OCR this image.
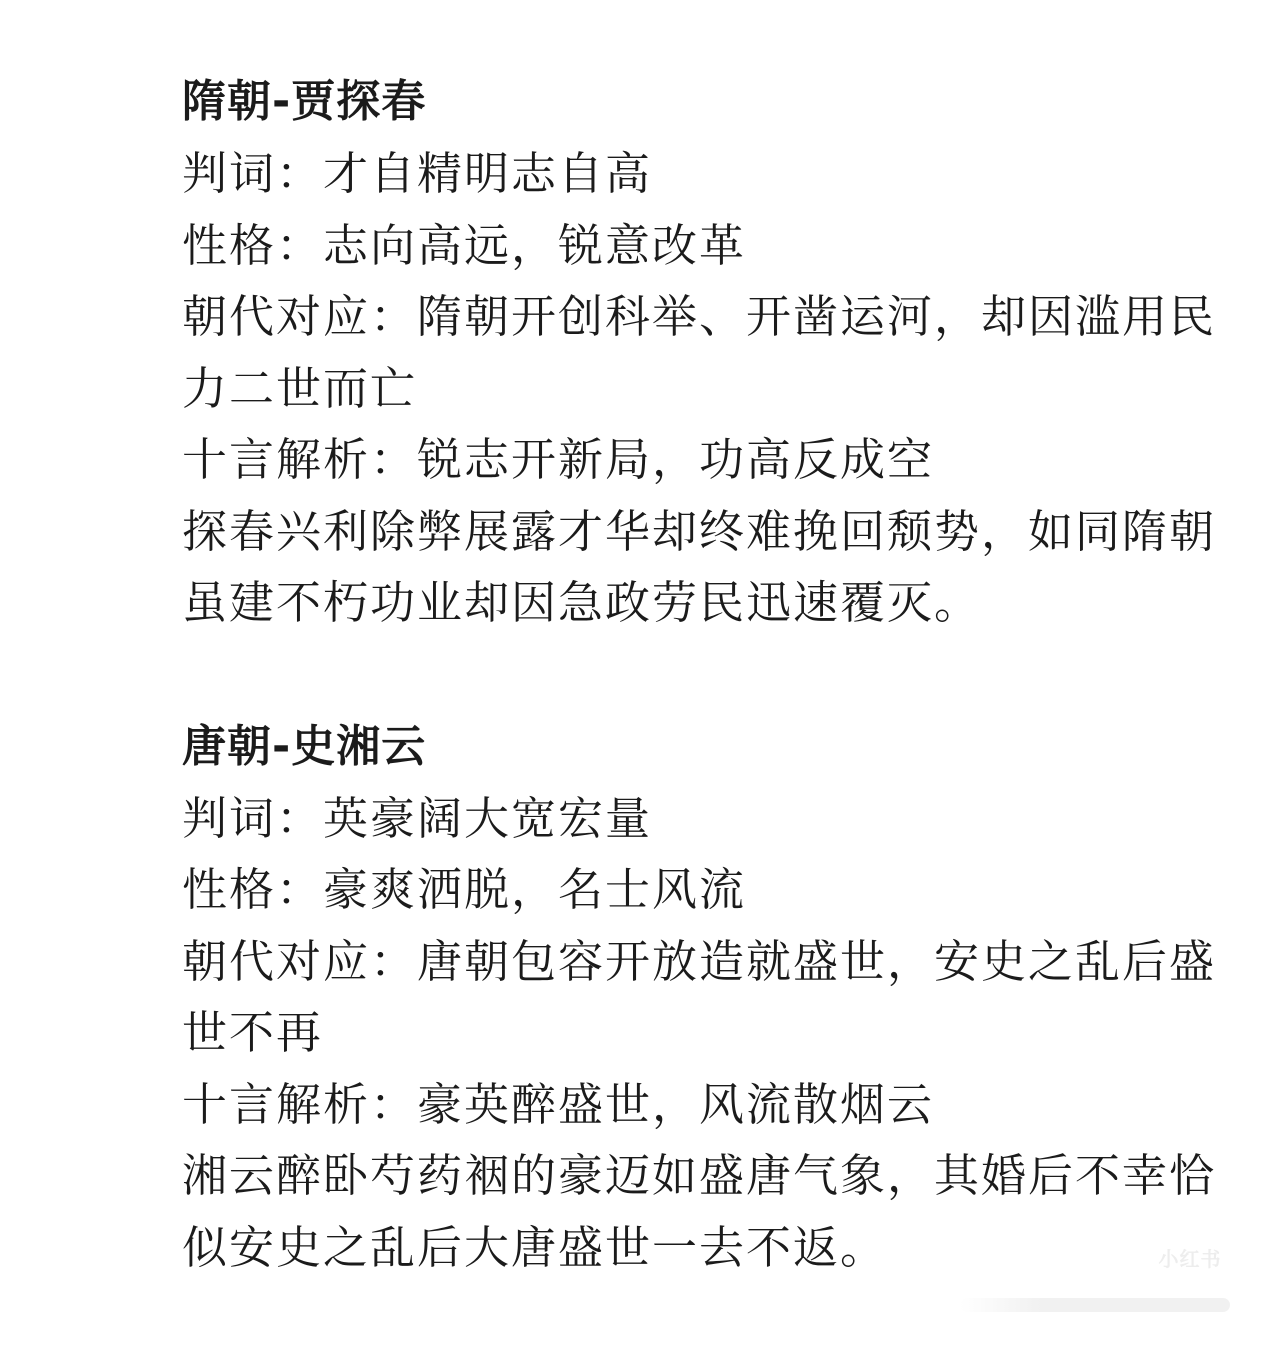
隋朝-贾探春

判词：才自精明志自高

性格：志向高远，锐意改革

朝代对应：隋朝开创科举、开凿运河，却因滥用民力二世而亡

十言解析：锐志开新局，功高反成空

探春兴利除弊展露才华却终难挽回颓势，如同隋朝虽建不朽功业却因急政劳民迅速覆灭。

唐朝-史湘云

判词：英豪阔大宽宏量

性格：豪爽洒脱，名士风流

朝代对应：唐朝包容开放造就盛世，安史之乱后盛世不再

十言解析：豪英醉盛世，风流散烟云

湘云醉卧芍药裀的豪迈如盛唐气象，其婚后不幸恰似安史之乱后大唐盛世一去不返。	小红书
